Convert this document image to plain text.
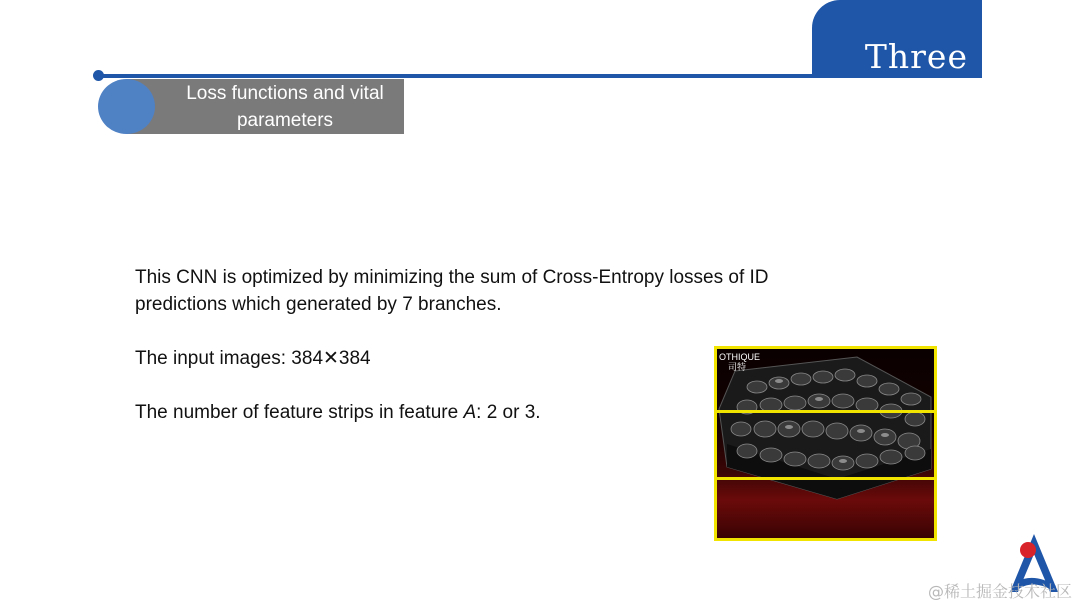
Three
Loss functions and vital parameters

This CNN is optimized by minimizing the sum of Cross-Entropy losses of ID predictions which generated by 7 branches.

The input images: 384✕384

The number of feature strips in feature A: 2 or 3.

OTHIQUE
司特
@稀土掘金技术社区
